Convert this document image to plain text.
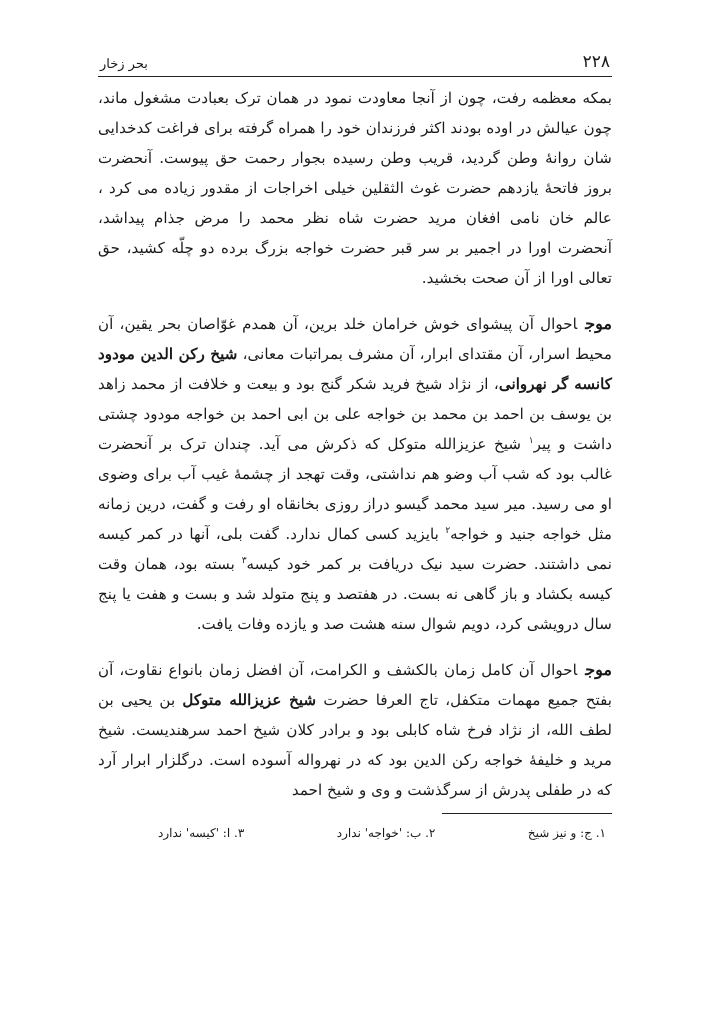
۲۲۸
بحر زخار

بمکه معظمه رفت، چون از آنجا معاودت نمود در همان ترک بعبادت مشغول ماند، چون عیالش در اوده بودند اکثر فرزندان خود را همراه گرفته برای فراغت کدخدایی شان روانهٔ وطن گردید، قریب وطن رسیده بجوار رحمت حق پیوست. آنحضرت بروز فاتحهٔ یازدهم حضرت غوث الثقلین خیلی اخراجات از مقدور زیاده می کرد ، عالم خان نامی افغان مرید حضرت شاه نظر محمد را مرض جذام پیداشد، آنحضرت اورا در اجمیر بر سر قبر حضرت خواجه بزرگ برده دو چلّه کشید، حق تعالی اورا از آن صحت بخشید.

موجاحوال آن پیشوای خوش خرامان خلد برین، آن همدم غوّاصان بحر یقین، آن محیط اسرار، آن مقتدای ابرار، آن مشرف بمراتبات معانی، شیخ رکن الدین مودود کانسه گر نهروانی، از نژاد شیخ فرید شکر گنج بود و بیعت و خلافت از محمد زاهد بن یوسف بن احمد بن محمد بن خواجه علی بن ابی احمد بن خواجه مودود چشتی داشت و پیر$^۱$ شیخ عزیزالله متوکل که ذکرش می آید. چندان ترک بر آنحضرت غالب بود که شب آب وضو هم نداشتی، وقت تهجد از چشمهٔ غیب آب برای وضوی او می رسید. میر سید محمد گیسو دراز روزی بخانقاه او رفت و گفت، درین زمانه مثل خواجه جنید و خواجه$^۲$ بایزید کسی کمال ندارد. گفت بلی، آنها در کمر کیسه نمی داشتند. حضرت سید نیک دریافت بر کمر خود کیسه$^۳$ بسته بود، همان وقت کیسه بکشاد و باز گاهی نه بست. در هفتصد و پنج متولد شد و بست و هفت یا پنج سال درویشی کرد، دویم شوال سنه هشت صد و یازده وفات یافت.

موجاحوال آن کامل زمان بالکشف و الکرامت، آن افضل زمان بانواع نقاوت، آن بفتح جمیع مهمات متکفل، تاج العرفا حضرت شیخ عزیزالله متوکل بن یحیی بن لطف الله، از نژاد فرخ شاه کابلی بود و برادر کلان شیخ احمد سرهندیست. شیخ مرید و خلیفهٔ خواجه رکن الدین بود که در نهرواله آسوده است. درگلزار ابرار آرد که در طفلی پدرش از سرگذشت و وی و شیخ احمد

۱. ج: و نیز شیخ
۲. ب: 'خواجه' ندارد
۳. ا: 'کیسه' ندارد
